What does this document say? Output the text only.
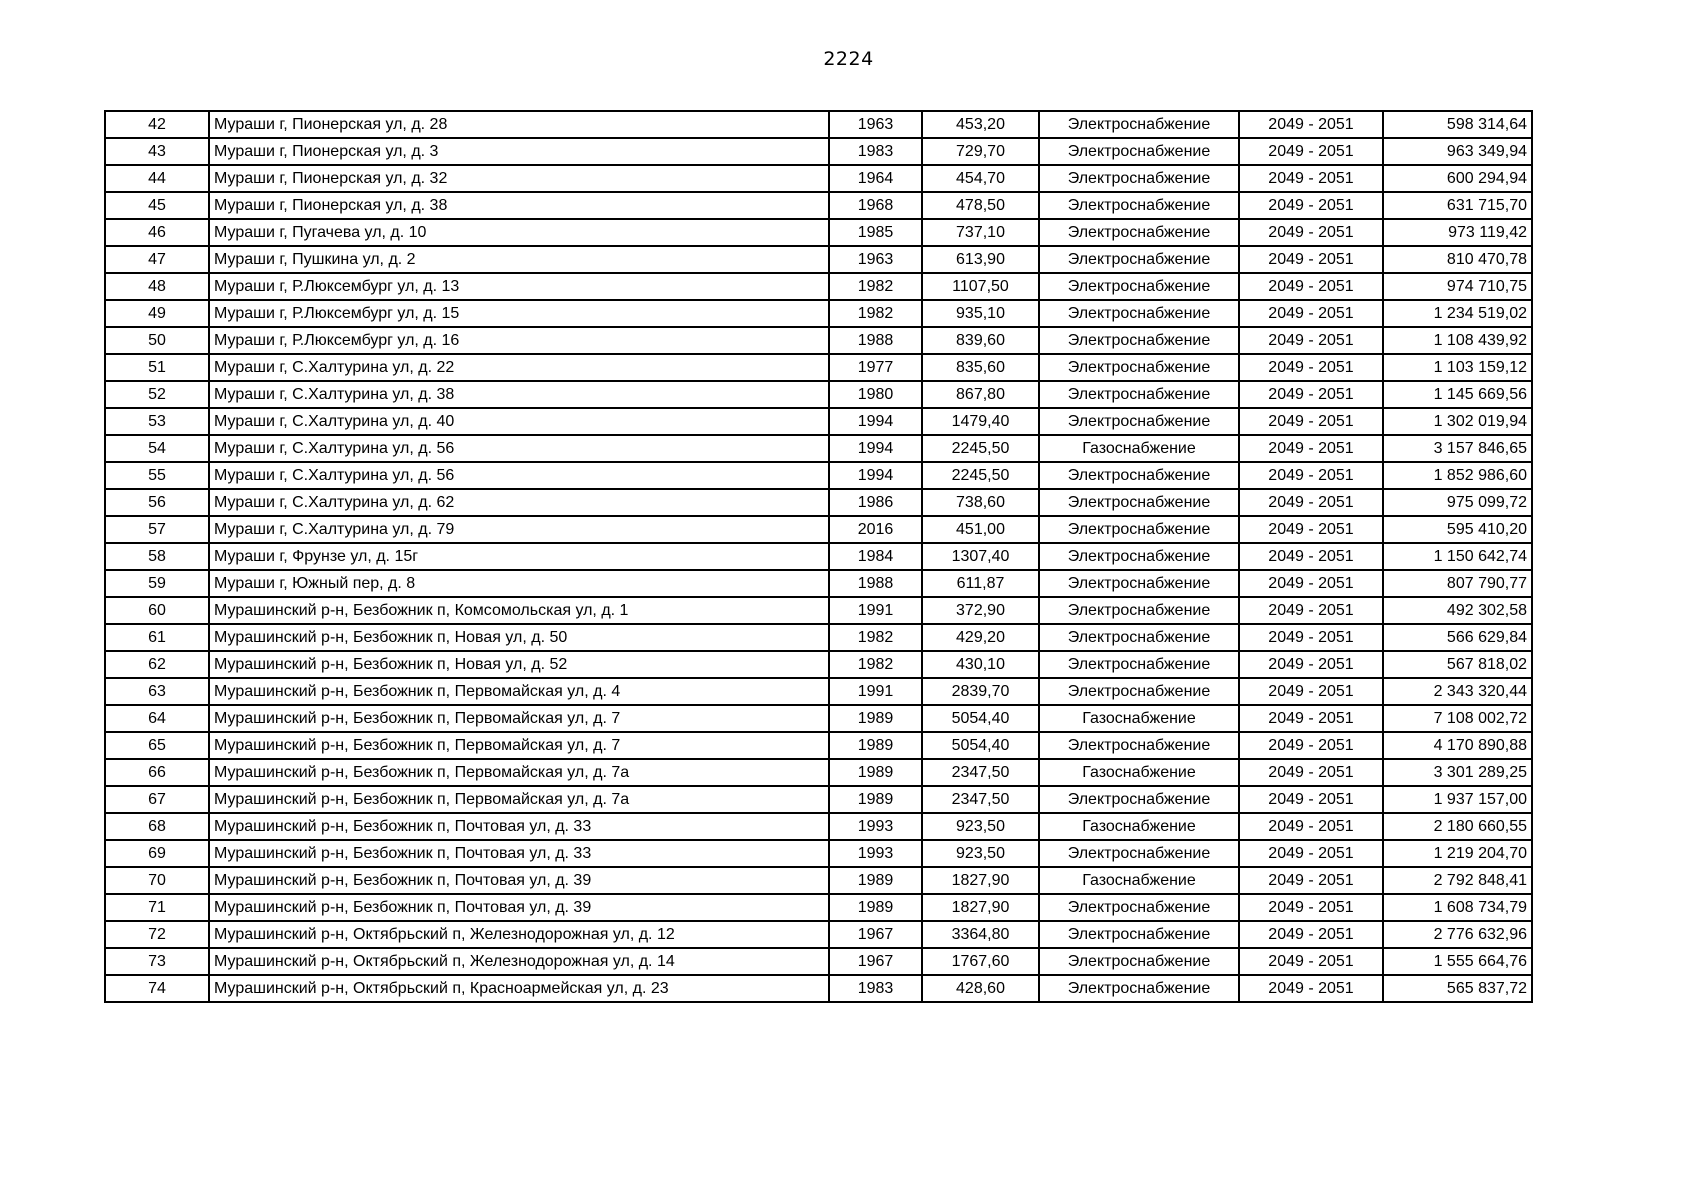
2224
42	Мураши г, Пионерская ул, д. 28	1963	453,20	Электроснабжение	2049 - 2051	598 314,64
43	Мураши г, Пионерская ул, д. 3	1983	729,70	Электроснабжение	2049 - 2051	963 349,94
44	Мураши г, Пионерская ул, д. 32	1964	454,70	Электроснабжение	2049 - 2051	600 294,94
45	Мураши г, Пионерская ул, д. 38	1968	478,50	Электроснабжение	2049 - 2051	631 715,70
46	Мураши г, Пугачева ул, д. 10	1985	737,10	Электроснабжение	2049 - 2051	973 119,42
47	Мураши г, Пушкина ул, д. 2	1963	613,90	Электроснабжение	2049 - 2051	810 470,78
48	Мураши г, Р.Люксембург ул, д. 13	1982	1107,50	Электроснабжение	2049 - 2051	974 710,75
49	Мураши г, Р.Люксембург ул, д. 15	1982	935,10	Электроснабжение	2049 - 2051	1 234 519,02
50	Мураши г, Р.Люксембург ул, д. 16	1988	839,60	Электроснабжение	2049 - 2051	1 108 439,92
51	Мураши г, С.Халтурина ул, д. 22	1977	835,60	Электроснабжение	2049 - 2051	1 103 159,12
52	Мураши г, С.Халтурина ул, д. 38	1980	867,80	Электроснабжение	2049 - 2051	1 145 669,56
53	Мураши г, С.Халтурина ул, д. 40	1994	1479,40	Электроснабжение	2049 - 2051	1 302 019,94
54	Мураши г, С.Халтурина ул, д. 56	1994	2245,50	Газоснабжение	2049 - 2051	3 157 846,65
55	Мураши г, С.Халтурина ул, д. 56	1994	2245,50	Электроснабжение	2049 - 2051	1 852 986,60
56	Мураши г, С.Халтурина ул, д. 62	1986	738,60	Электроснабжение	2049 - 2051	975 099,72
57	Мураши г, С.Халтурина ул, д. 79	2016	451,00	Электроснабжение	2049 - 2051	595 410,20
58	Мураши г, Фрунзе ул, д. 15г	1984	1307,40	Электроснабжение	2049 - 2051	1 150 642,74
59	Мураши г, Южный пер, д. 8	1988	611,87	Электроснабжение	2049 - 2051	807 790,77
60	Мурашинский р-н, Безбожник п, Комсомольская ул, д. 1	1991	372,90	Электроснабжение	2049 - 2051	492 302,58
61	Мурашинский р-н, Безбожник п, Новая ул, д. 50	1982	429,20	Электроснабжение	2049 - 2051	566 629,84
62	Мурашинский р-н, Безбожник п, Новая ул, д. 52	1982	430,10	Электроснабжение	2049 - 2051	567 818,02
63	Мурашинский р-н, Безбожник п, Первомайская ул, д. 4	1991	2839,70	Электроснабжение	2049 - 2051	2 343 320,44
64	Мурашинский р-н, Безбожник п, Первомайская ул, д. 7	1989	5054,40	Газоснабжение	2049 - 2051	7 108 002,72
65	Мурашинский р-н, Безбожник п, Первомайская ул, д. 7	1989	5054,40	Электроснабжение	2049 - 2051	4 170 890,88
66	Мурашинский р-н, Безбожник п, Первомайская ул, д. 7а	1989	2347,50	Газоснабжение	2049 - 2051	3 301 289,25
67	Мурашинский р-н, Безбожник п, Первомайская ул, д. 7а	1989	2347,50	Электроснабжение	2049 - 2051	1 937 157,00
68	Мурашинский р-н, Безбожник п, Почтовая ул, д. 33	1993	923,50	Газоснабжение	2049 - 2051	2 180 660,55
69	Мурашинский р-н, Безбожник п, Почтовая ул, д. 33	1993	923,50	Электроснабжение	2049 - 2051	1 219 204,70
70	Мурашинский р-н, Безбожник п, Почтовая ул, д. 39	1989	1827,90	Газоснабжение	2049 - 2051	2 792 848,41
71	Мурашинский р-н, Безбожник п, Почтовая ул, д. 39	1989	1827,90	Электроснабжение	2049 - 2051	1 608 734,79
72	Мурашинский р-н, Октябрьский п, Железнодорожная ул, д. 12	1967	3364,80	Электроснабжение	2049 - 2051	2 776 632,96
73	Мурашинский р-н, Октябрьский п, Железнодорожная ул, д. 14	1967	1767,60	Электроснабжение	2049 - 2051	1 555 664,76
74	Мурашинский р-н, Октябрьский п, Красноармейская ул, д. 23	1983	428,60	Электроснабжение	2049 - 2051	565 837,72
